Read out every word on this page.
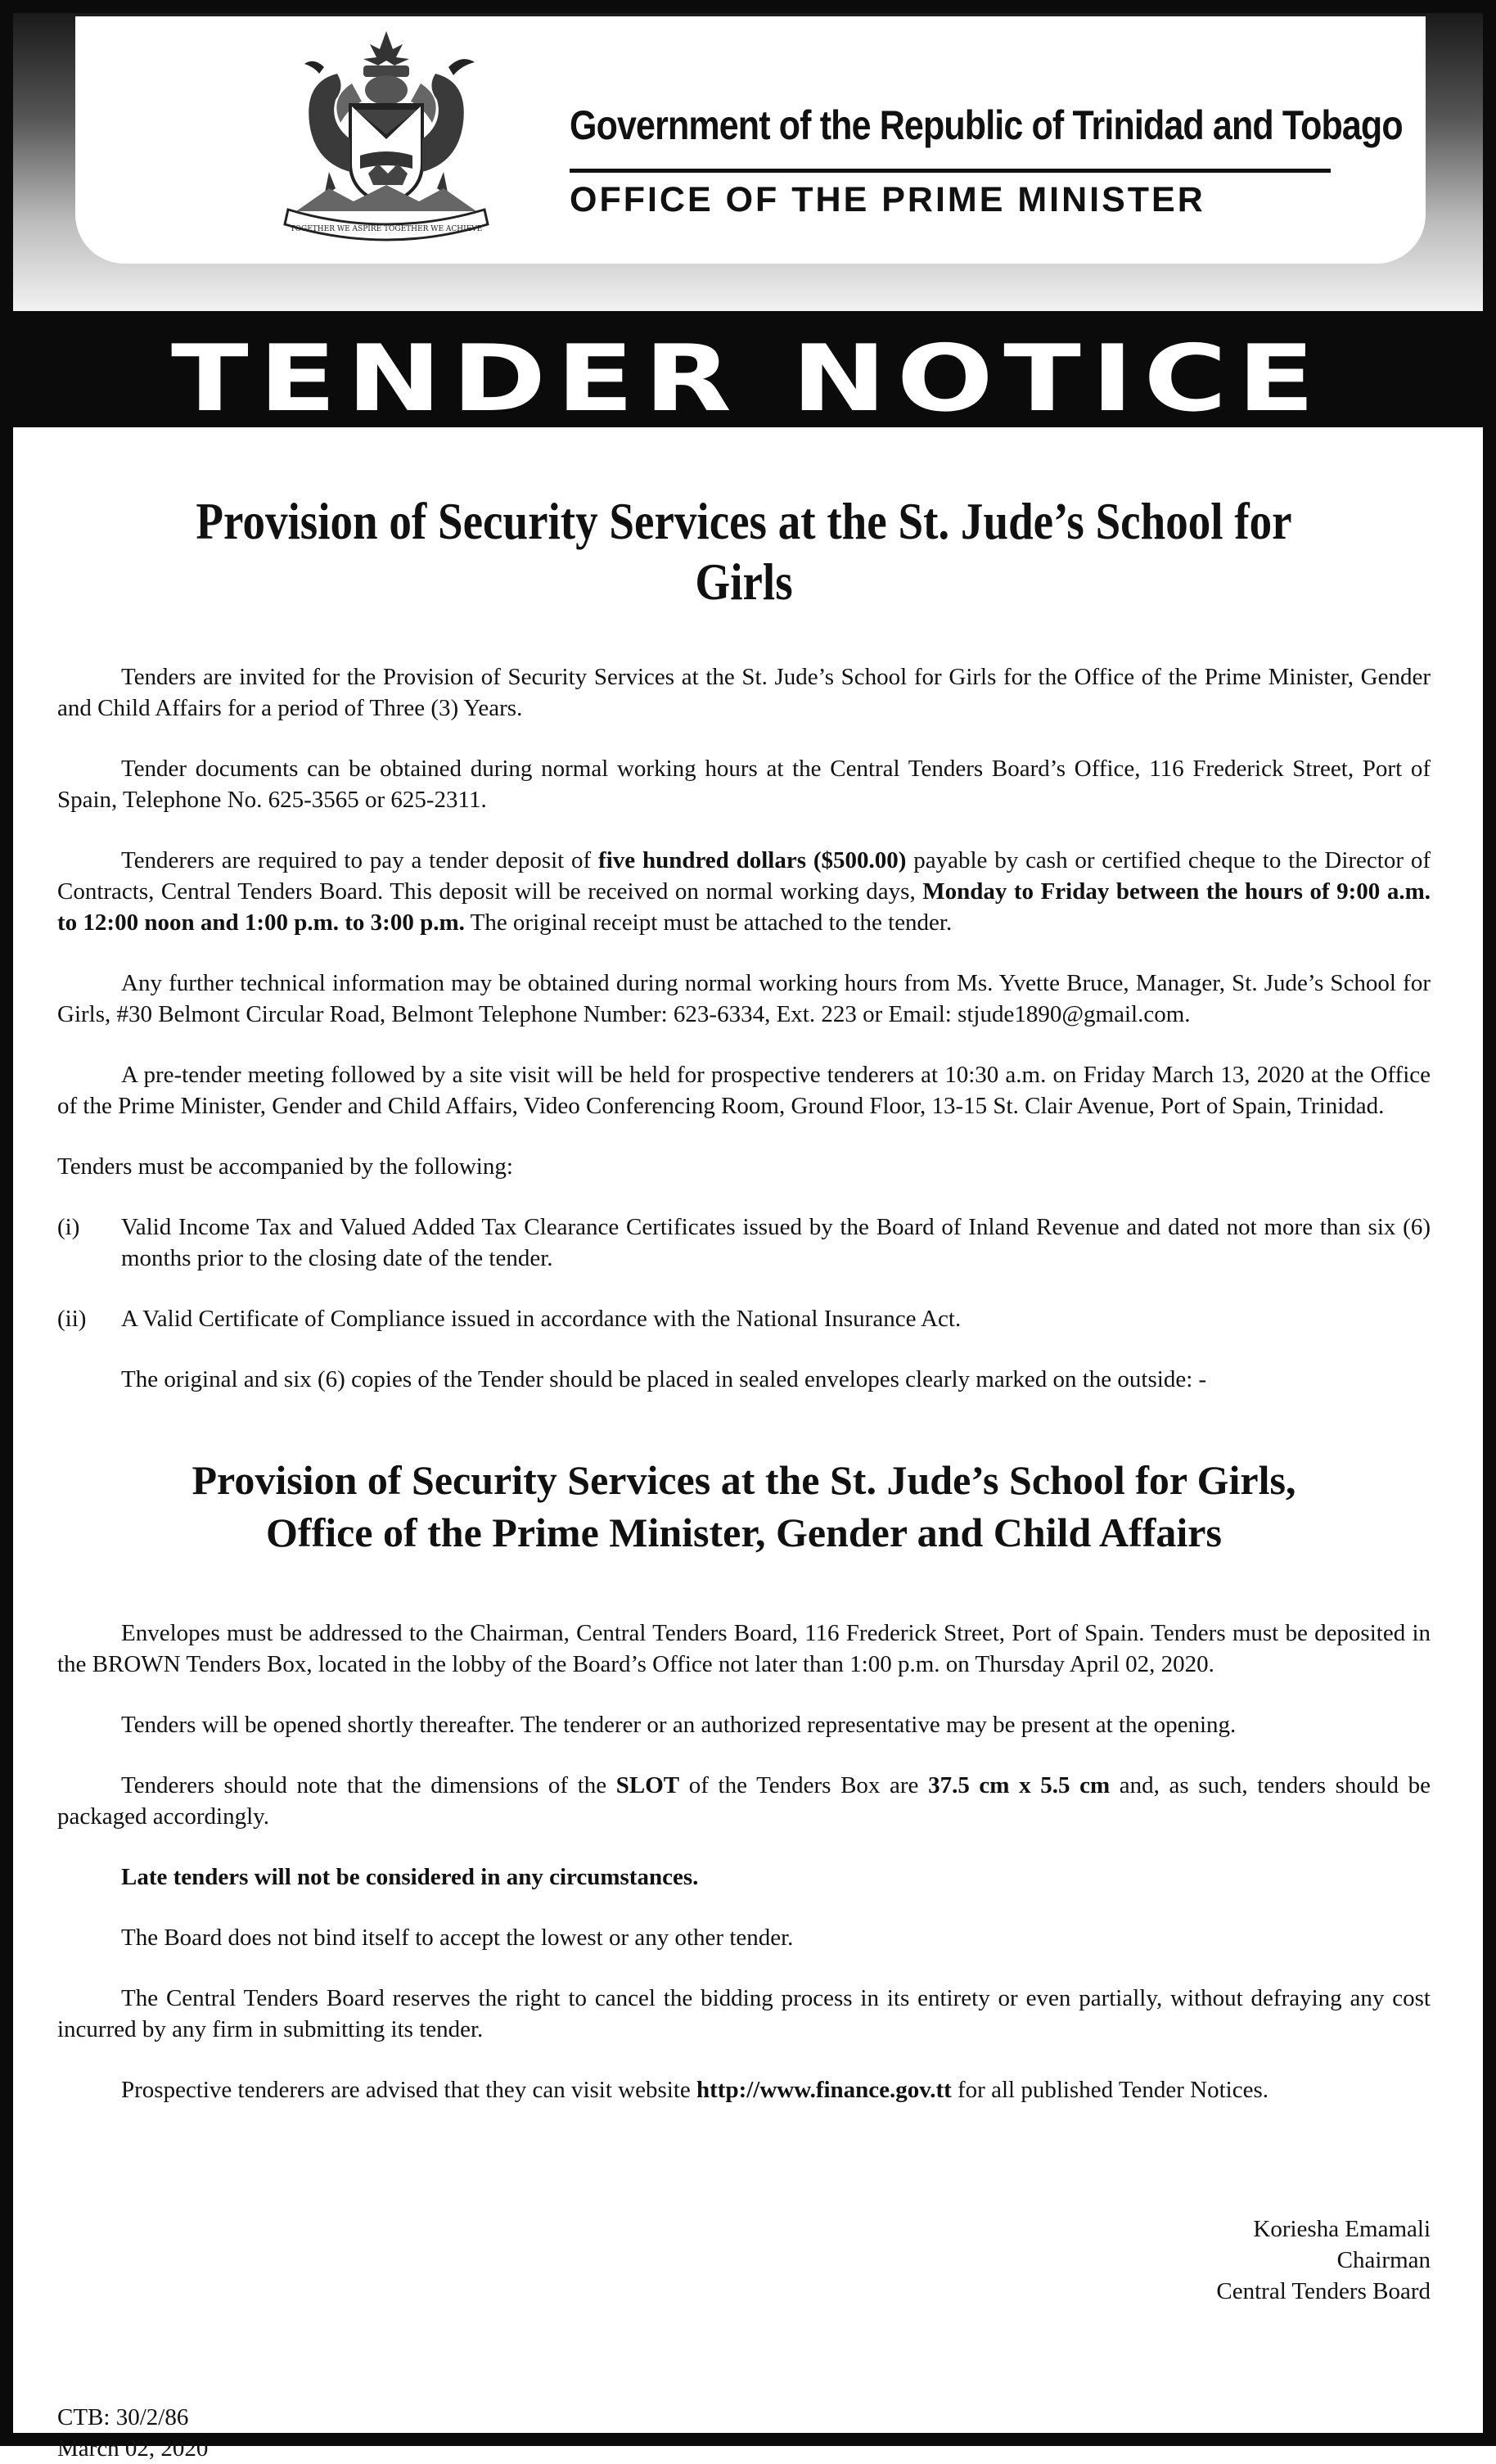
TOGETHER WE ASPIRE TOGETHER WE ACHIEVE
Government of the Republic of Trinidad and Tobago
OFFICE OF THE PRIME MINISTER
TENDER NOTICE
Provision of Security Services at the St. Jude’s School for Girls

Tenders are invited for the Provision of Security Services at the St. Jude’s School for Girls for the Office of the Prime Minister, Gender and Child Affairs for a period of Three (3) Years.

Tender documents can be obtained during normal working hours at the Central Tenders Board’s Office, 116 Frederick Street, Port of Spain, Telephone No. 625-3565 or 625-2311.

Tenderers are required to pay a tender deposit of five hundred dollars ($500.00) payable by cash or certified cheque to the Director of Contracts, Central Tenders Board. This deposit will be received on normal working days, Monday to Friday between the hours of 9:00 a.m. to 12:00 noon and 1:00 p.m. to 3:00 p.m. The original receipt must be attached to the tender.

Any further technical information may be obtained during normal working hours from Ms. Yvette Bruce, Manager, St. Jude’s School for Girls, #30 Belmont Circular Road, Belmont Telephone Number: 623-6334, Ext. 223 or Email: stjude1890@gmail.com.

A pre-tender meeting followed by a site visit will be held for prospective tenderers at 10:30 a.m. on Friday March 13, 2020 at the Office of the Prime Minister, Gender and Child Affairs, Video Conferencing Room, Ground Floor, 13-15 St. Clair Avenue, Port of Spain, Trinidad.

Tenders must be accompanied by the following:

(i)	Valid Income Tax and Valued Added Tax Clearance Certificates issued by the Board of Inland Revenue and dated not more than six (6) months prior to the closing date of the tender.
(ii)	A Valid Certificate of Compliance issued in accordance with the National Insurance Act.

The original and six (6) copies of the Tender should be placed in sealed envelopes clearly marked on the outside: -

Provision of Security Services at the St. Jude’s School for Girls,
Office of the Prime Minister, Gender and Child Affairs

Envelopes must be addressed to the Chairman, Central Tenders Board, 116 Frederick Street, Port of Spain. Tenders must be deposited in the BROWN Tenders Box, located in the lobby of the Board’s Office not later than 1:00 p.m. on Thursday April 02, 2020.

Tenders will be opened shortly thereafter. The tenderer or an authorized representative may be present at the opening.

Tenderers should note that the dimensions of the SLOT of the Tenders Box are 37.5 cm x 5.5 cm and, as such, tenders should be packaged accordingly.

Late tenders will not be considered in any circumstances.

The Board does not bind itself to accept the lowest or any other tender.

The Central Tenders Board reserves the right to cancel the bidding process in its entirety or even partially, without defraying any cost incurred by any firm in submitting its tender.

Prospective tenderers are advised that they can visit website http://www.finance.gov.tt for all published Tender Notices.

Koriesha Emamali
Chairman
Central Tenders Board
CTB: 30/2/86
March 02, 2020
